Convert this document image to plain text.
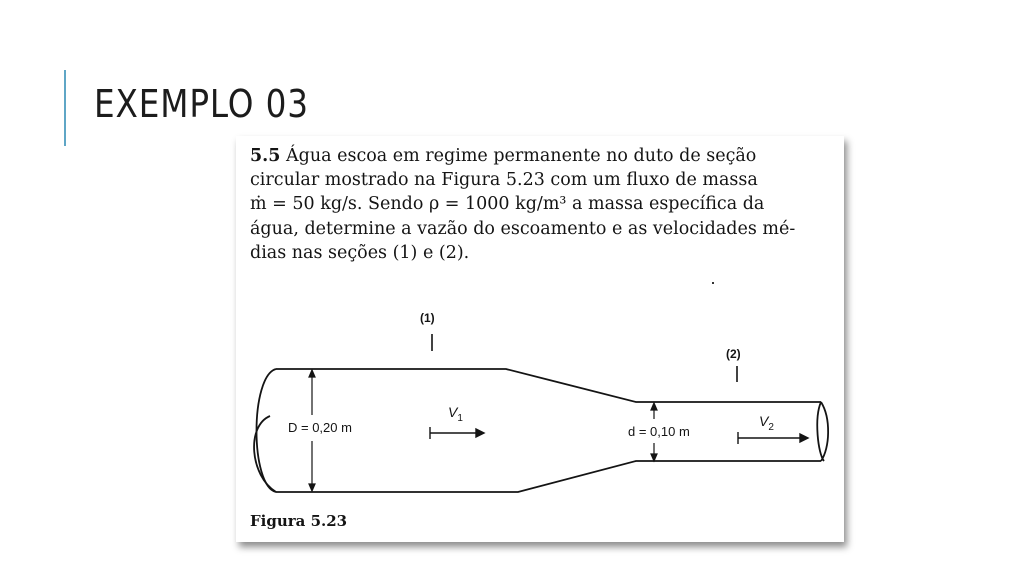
EXEMPLO 03

5.5 Água escoa em regime permanente no duto de seção
circular mostrado na Figura 5.23 com um fluxo de massa
ṁ = 50 kg/s. Sendo ρ = 1000 kg/m³ a massa específica da
água, determine a vazão do escoamento e as velocidades mé-
dias nas seções (1) e (2).

(1)
(2)
D = 0,20 m
$V_1$
d = 0,10 m
$V_2$

Figura 5.23
